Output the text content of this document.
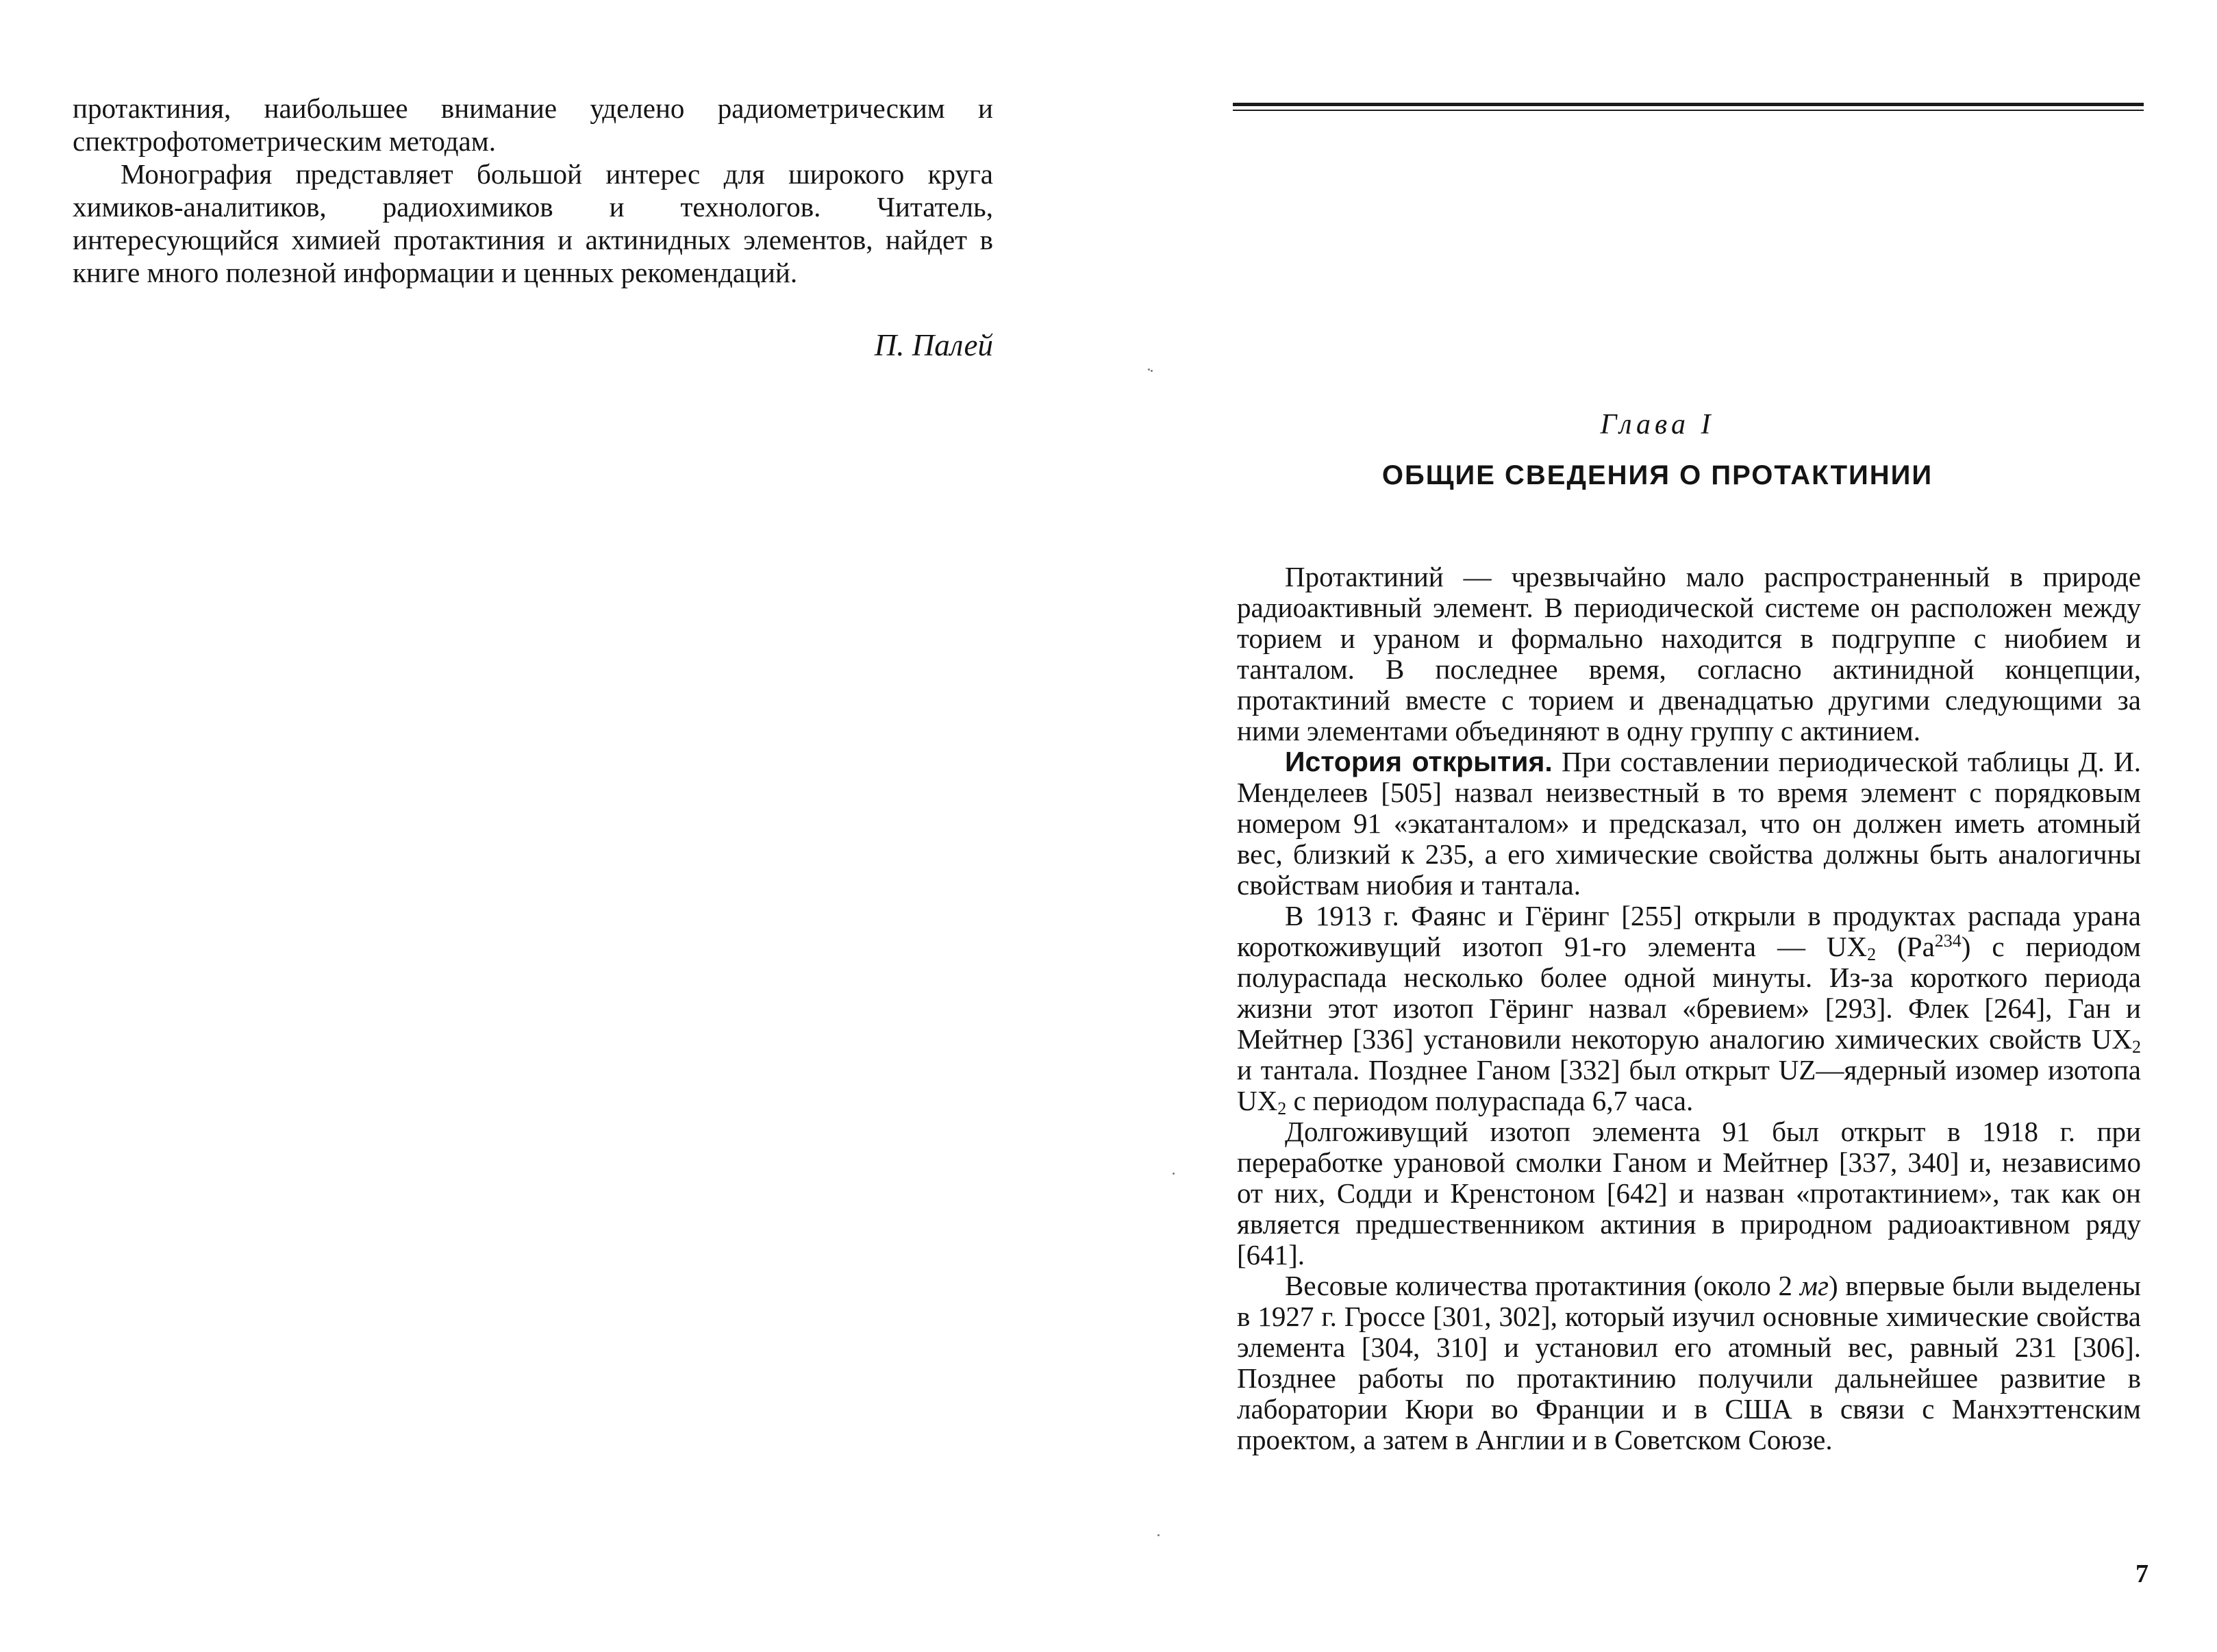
протактиния, наибольшее внимание уделено радиометрическим и спектрофотометрическим методам.

Монография представляет большой интерес для широкого круга химиков-аналитиков, радиохимиков и технологов. Читатель, интересующийся химией протактиния и актинидных элементов, найдет в книге много полезной информации и ценных рекомендаций.

П. Палей
Глава I
ОБЩИЕ СВЕДЕНИЯ О ПРОТАКТИНИИ

Протактиний — чрезвычайно мало распространенный в природе радиоактивный элемент. В периодической системе он расположен между торием и ураном и формально находится в подгруппе с ниобием и танталом. В последнее время, согласно актинидной концепции, протактиний вместе с торием и двенадцатью другими следующими за ними элементами объединяют в одну группу с актинием.

История открытия. При составлении периодической таблицы Д. И. Менделеев [505] назвал неизвестный в то время элемент с порядковым номером 91 «экатанталом» и предсказал, что он должен иметь атомный вес, близкий к 235, а его химические свойства должны быть аналогичны свойствам ниобия и тантала.

В 1913 г. Фаянс и Гёринг [255] открыли в продуктах распада урана короткоживущий изотоп 91-го элемента — $UX_2$ (Pa$^{234}$) с периодом полураспада несколько более одной минуты. Из-за короткого периода жизни этот изотоп Гёринг назвал «бревием» [293]. Флек [264], Ган и Мейтнер [336] установили некоторую аналогию химических свойств $UX_2$ и тантала. Позднее Ганом [332] был открыт UZ—ядерный изомер изотопа $UX_2$ с периодом полураспада 6,7 часа.

Долгоживущий изотоп элемента 91 был открыт в 1918 г. при переработке урановой смолки Ганом и Мейтнер [337, 340] и, независимо от них, Содди и Кренстоном [642] и назван «протактинием», так как он является предшественником актиния в природном радиоактивном ряду [641].

Весовые количества протактиния (около 2 мг) впервые были выделены в 1927 г. Гроссе [301, 302], который изучил основные химические свойства элемента [304, 310] и установил его атомный вес, равный 231 [306]. Позднее работы по протактинию получили дальнейшее развитие в лаборатории Кюри во Франции и в США в связи с Манхэттенским проектом, а затем в Англии и в Советском Союзе.

7
